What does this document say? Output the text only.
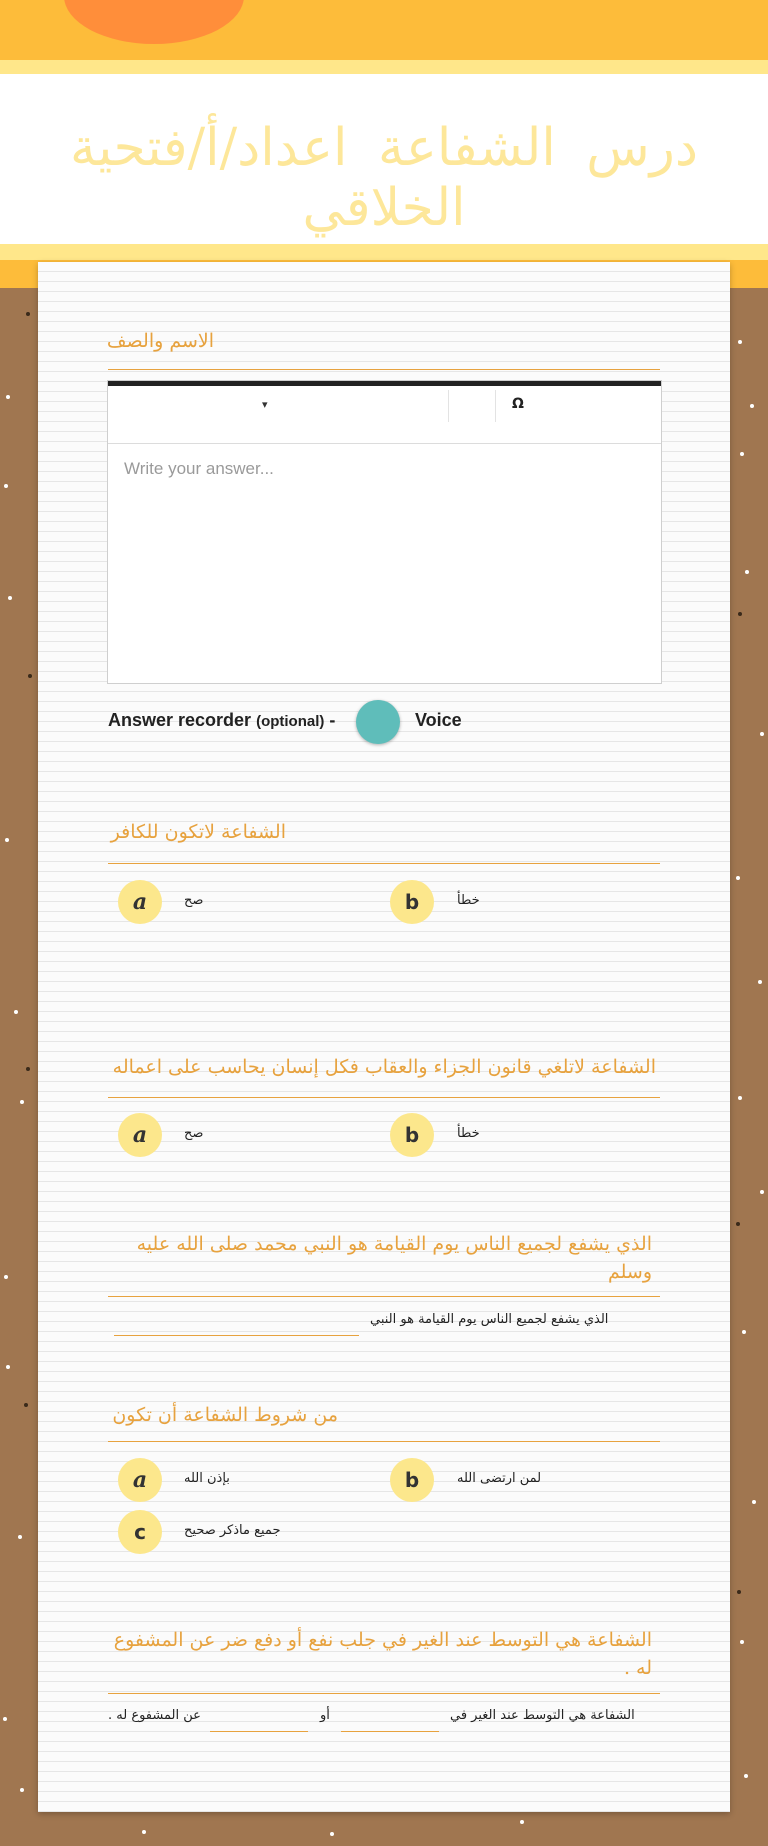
درس الشفاعة اعداد/أ/فتحية الخلاقي
الاسم والصف
▾	Ω
Write your answer...
Answer recorder (optional) -	Voice
الشفاعة لاتكون للكافر
a	صح	b	خطأ
الشفاعة لاتلغي قانون الجزاء والعقاب فكل إنسان يحاسب على اعماله
a	صح	b	خطأ
الذي يشفع لجميع الناس يوم القيامة هو النبي محمد صلى الله عليه وسلم
الذي يشفع لجميع الناس يوم القيامة هو النبي
من شروط الشفاعة أن تكون
a	بإذن الله	b	لمن ارتضى الله
c	جميع ماذكر صحيح
الشفاعة هي التوسط عند الغير في جلب نفع أو دفع ضر عن المشفوع له .
الشفاعة هي التوسط عند الغير في
أو
عن المشفوع له .
